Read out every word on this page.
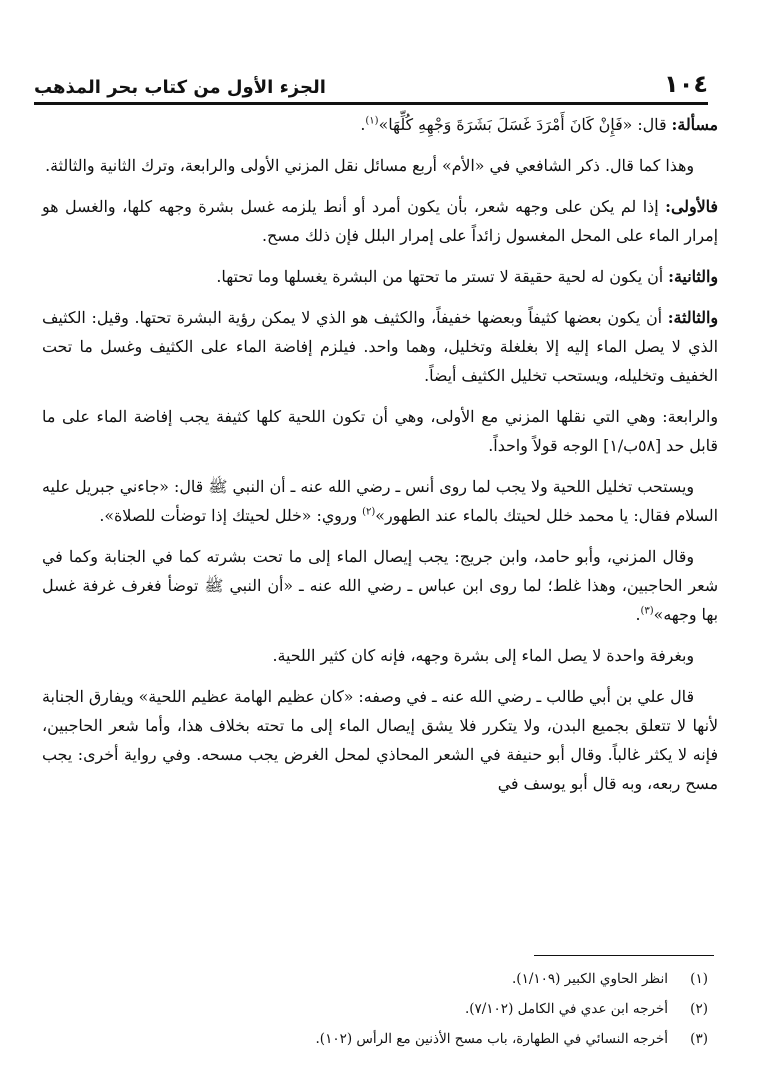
١٠٤
الجزء الأول من كتاب بحر المذهب

مسألة: قال: «فَإِنْ كَانَ أَمْرَدَ غَسَلَ بَشَرَةَ وَجْهِهِ كُلِّهَا»$^{(١)}$.

وهذا كما قال. ذكر الشافعي في «الأم» أربع مسائل نقل المزني الأولى والرابعة، وترك الثانية والثالثة.

فالأولى: إذا لم يكن على وجهه شعر، بأن يكون أمرد أو أنط يلزمه غسل بشرة وجهه كلها، والغسل هو إمرار الماء على المحل المغسول زائداً على إمرار البلل فإن ذلك مسح.

والثانية: أن يكون له لحية حقيقة لا تستر ما تحتها من البشرة يغسلها وما تحتها.

والثالثة: أن يكون بعضها كثيفاً وبعضها خفيفاً، والكثيف هو الذي لا يمكن رؤية البشرة تحتها. وقيل: الكثيف الذي لا يصل الماء إليه إلا بغلغلة وتخليل، وهما واحد. فيلزم إفاضة الماء على الكثيف وغسل ما تحت الخفيف وتخليله، ويستحب تخليل الكثيف أيضاً.

والرابعة: وهي التي نقلها المزني مع الأولى، وهي أن تكون اللحية كلها كثيفة يجب إفاضة الماء على ما قابل حد [٥٨ب/١] الوجه قولاً واحداً.

ويستحب تخليل اللحية ولا يجب لما روى أنس ـ رضي الله عنه ـ أن النبي ﷺ قال: «جاءني جبريل عليه السلام فقال: يا محمد خلل لحيتك بالماء عند الطهور»$^{(٢)}$ وروي: «خلل لحيتك إذا توضأت للصلاة».

وقال المزني، وأبو حامد، وابن جريج: يجب إيصال الماء إلى ما تحت بشرته كما في الجنابة وكما في شعر الحاجبين، وهذا غلط؛ لما روى ابن عباس ـ رضي الله عنه ـ «أن النبي ﷺ توضأ فغرف غرفة غسل بها وجهه»$^{(٣)}$.

وبغرفة واحدة لا يصل الماء إلى بشرة وجهه، فإنه كان كثير اللحية.

قال علي بن أبي طالب ـ رضي الله عنه ـ في وصفه: «كان عظيم الهامة عظيم اللحية» ويفارق الجنابة لأنها لا تتعلق بجميع البدن، ولا يتكرر فلا يشق إيصال الماء إلى ما تحته بخلاف هذا، وأما شعر الحاجبين، فإنه لا يكثر غالباً. وقال أبو حنيفة في الشعر المحاذي لمحل الغرض يجب مسحه. وفي رواية أخرى: يجب مسح ربعه، وبه قال أبو يوسف في

(١)
انظر الحاوي الكبير (١/١٠٩).
(٢)
أخرجه ابن عدي في الكامل (٧/١٠٢).
(٣)
أخرجه النسائي في الطهارة، باب مسح الأذنين مع الرأس (١٠٢).
